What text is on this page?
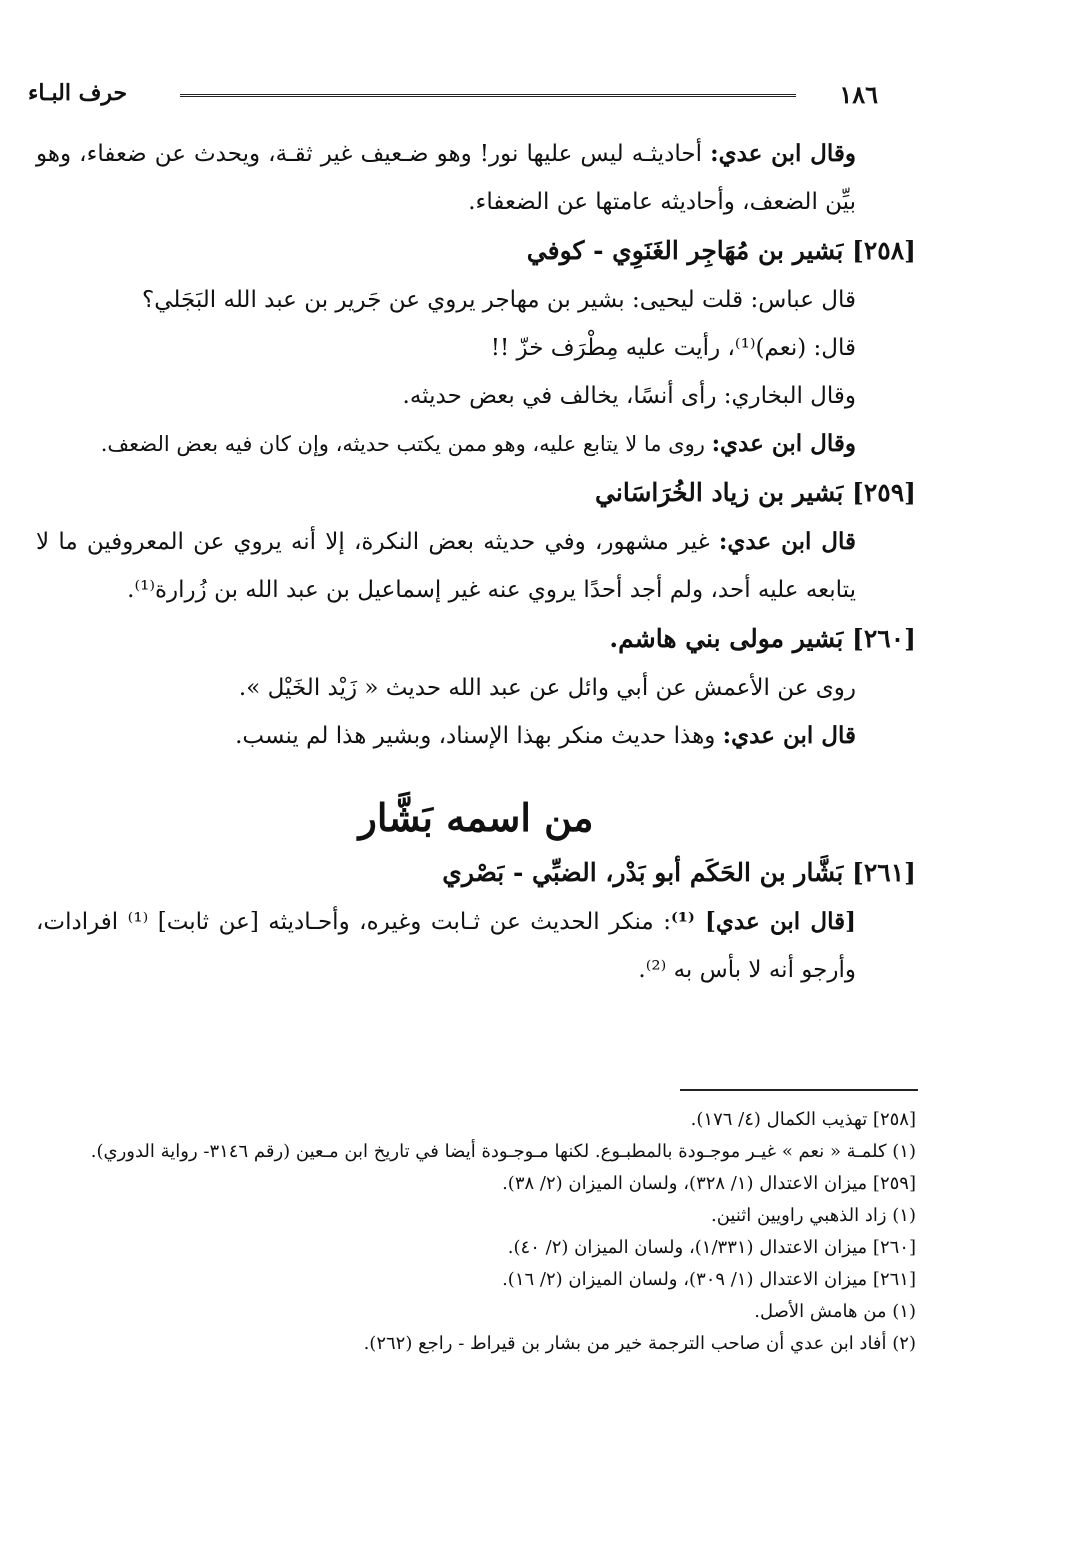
حرف البـاء	١٨٦

وقال ابن عدي: أحاديثـه ليس عليها نور! وهو ضـعيف غير ثقـة، ويحدث عن ضعفاء، وهو بيِّن الضعف، وأحاديثه عامتها عن الضعفاء.

[٢٥٨] بَشير بن مُهَاجِر الغَنَوِي - كوفي

قال عباس: قلت ليحيى: بشير بن مهاجر يروي عن جَرير بن عبد الله البَجَلي؟

قال: (نعم)⁽¹⁾، رأيت عليه مِطْرَف خزّ !!

وقال البخاري: رأى أنسًا، يخالف في بعض حديثه.

وقال ابن عدي: روى ما لا يتابع عليه، وهو ممن يكتب حديثه، وإن كان فيه بعض الضعف.

[٢٥٩] بَشير بن زياد الخُرَاسَاني

قال ابن عدي: غير مشهور، وفي حديثه بعض النكرة، إلا أنه يروي عن المعروفين ما لا يتابعه عليه أحد، ولم أجد أحدًا يروي عنه غير إسماعيل بن عبد الله بن زُرارة⁽¹⁾.

[٢٦٠] بَشير مولى بني هاشم.

روى عن الأعمش عن أبي وائل عن عبد الله حديث « زَيْد الخَيْل ».

قال ابن عدي: وهذا حديث منكر بهذا الإسناد، وبشير هذا لم ينسب.

من اسمه بَشَّار

[٢٦١] بَشَّار بن الحَكَم أبو بَدْر، الضبِّي - بَصْري

[قال ابن عدي] ⁽¹⁾: منكر الحديث عن ثـابت وغيره، وأحـاديثه [عن ثابت] ⁽¹⁾ افرادات، وأرجو أنه لا بأس به ⁽²⁾.

[٢٥٨] تهذيب الكمال (٤/ ١٧٦).

(١) كلمـة « نعم » غيـر موجـودة بالمطبـوع. لكنها مـوجـودة أيضا في تاريخ ابن مـعين (رقم ٣١٤٦- رواية الدوري).

[٢٥٩] ميزان الاعتدال (١/ ٣٢٨)، ولسان الميزان (٢/ ٣٨).

(١) زاد الذهبي راويين اثنين.

[٢٦٠] ميزان الاعتدال (١/٣٣١)، ولسان الميزان (٢/ ٤٠).

[٢٦١] ميزان الاعتدال (١/ ٣٠٩)، ولسان الميزان (٢/ ١٦).

(١) من هامش الأصل.

(٢) أفاد ابن عدي أن صاحب الترجمة خير من بشار بن قيراط - راجع (٢٦٢).
